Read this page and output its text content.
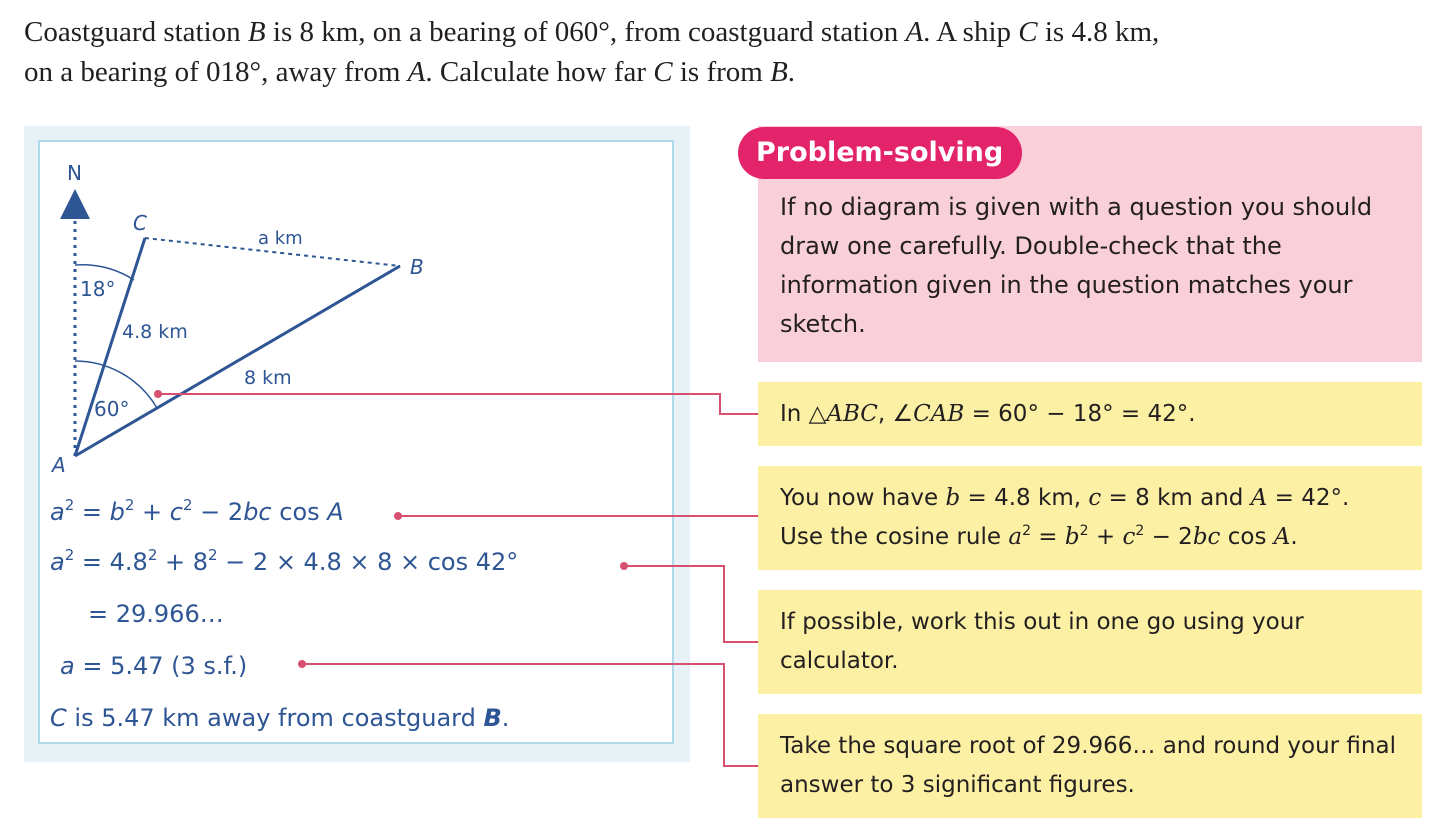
Coastguard station B is 8 km, on a bearing of 060°, from coastguard station A. A ship C is 4.8 km,
on a bearing of 018°, away from A. Calculate how far C is from B.
N
A
B
C
a km
4.8 km
8 km
18°
60°
$a^2 = b^2 + c^2 - 2bc$ cos A
$a^2 = 4.8^2 + 8^2 - 2 \times 4.8 \times 8 \times \cos 42^\circ$
= 29.966…
a = 5.47 (3 s.f.)
C is 5.47 km away from coastguard B.
Problem-solving
If no diagram is given with a question you should draw one carefully. Double-check that the information given in the question matches your sketch.
In △ABC, ∠CAB = 60° − 18° = 42°.
You now have b = 4.8 km, c = 8 km and A = 42°.
Use the cosine rule $a^2 = b^2 + c^2 - 2bc$ cos A.
If possible, work this out in one go using your calculator.
Take the square root of 29.966… and round your final answer to 3 significant figures.
